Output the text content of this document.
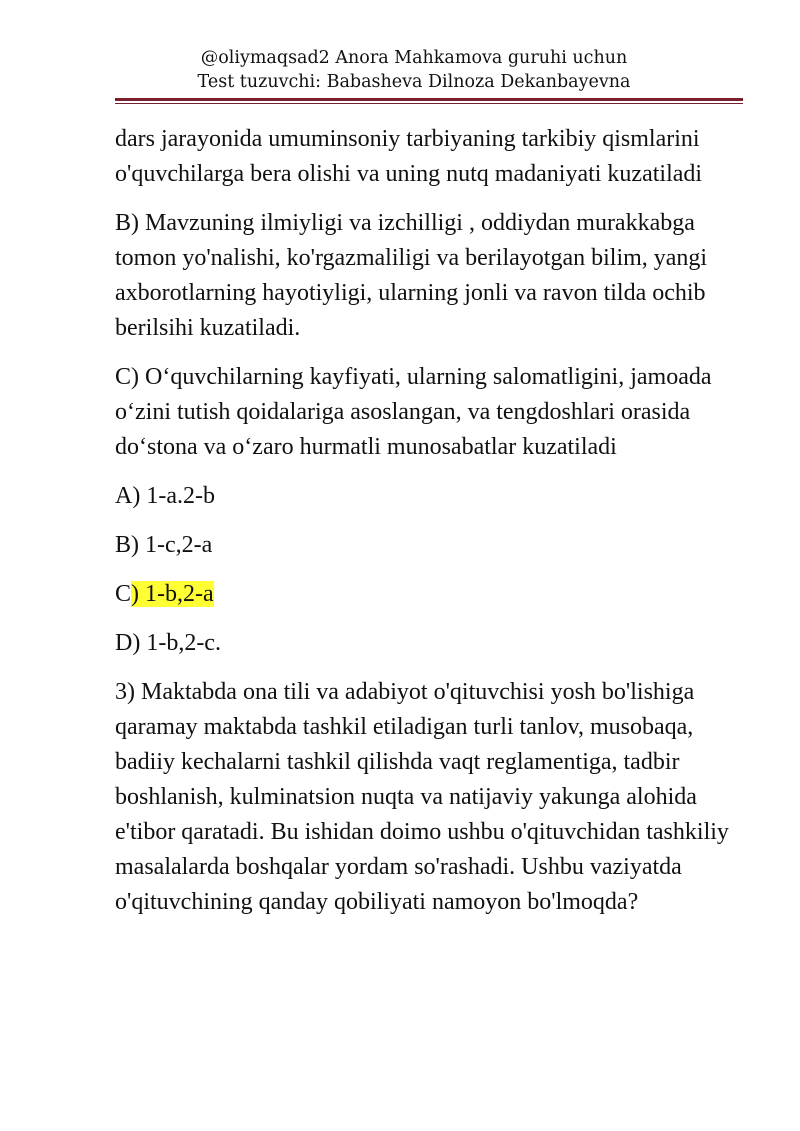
@oliymaqsad2 Anora Mahkamova guruhi uchun
Test tuzuvchi: Babasheva Dilnoza Dekanbayevna

dars jarayonida umuminsoniy tarbiyaning tarkibiy qismlarini o'quvchilarga bera olishi va uning nutq madaniyati kuzatiladi

B) Mavzuning ilmiyligi va izchilligi , oddiydan murakkabga tomon yo'nalishi, ko'rgazmaliligi va berilayotgan bilim, yangi axborotlarning hayotiyligi, ularning jonli va ravon tilda ochib berilsihi kuzatiladi.

C) O‘quvchilarning kayfiyati, ularning salomatligini, jamoada o‘zini tutish qoidalariga asoslangan, va tengdoshlari orasida do‘stona va o‘zaro hurmatli munosabatlar kuzatiladi

A) 1-a.2-b

B) 1-c,2-a

C) 1-b,2-a

D) 1-b,2-c.

3) Maktabda ona tili va adabiyot o'qituvchisi yosh bo'lishiga qaramay maktabda tashkil etiladigan turli tanlov, musobaqa, badiiy kechalarni tashkil qilishda vaqt reglamentiga, tadbir boshlanish, kulminatsion nuqta va natijaviy yakunga alohida e'tibor qaratadi. Bu ishidan doimo ushbu o'qituvchidan tashkiliy masalalarda boshqalar yordam so'rashadi. Ushbu vaziyatda o'qituvchining qanday qobiliyati namoyon bo'lmoqda?
